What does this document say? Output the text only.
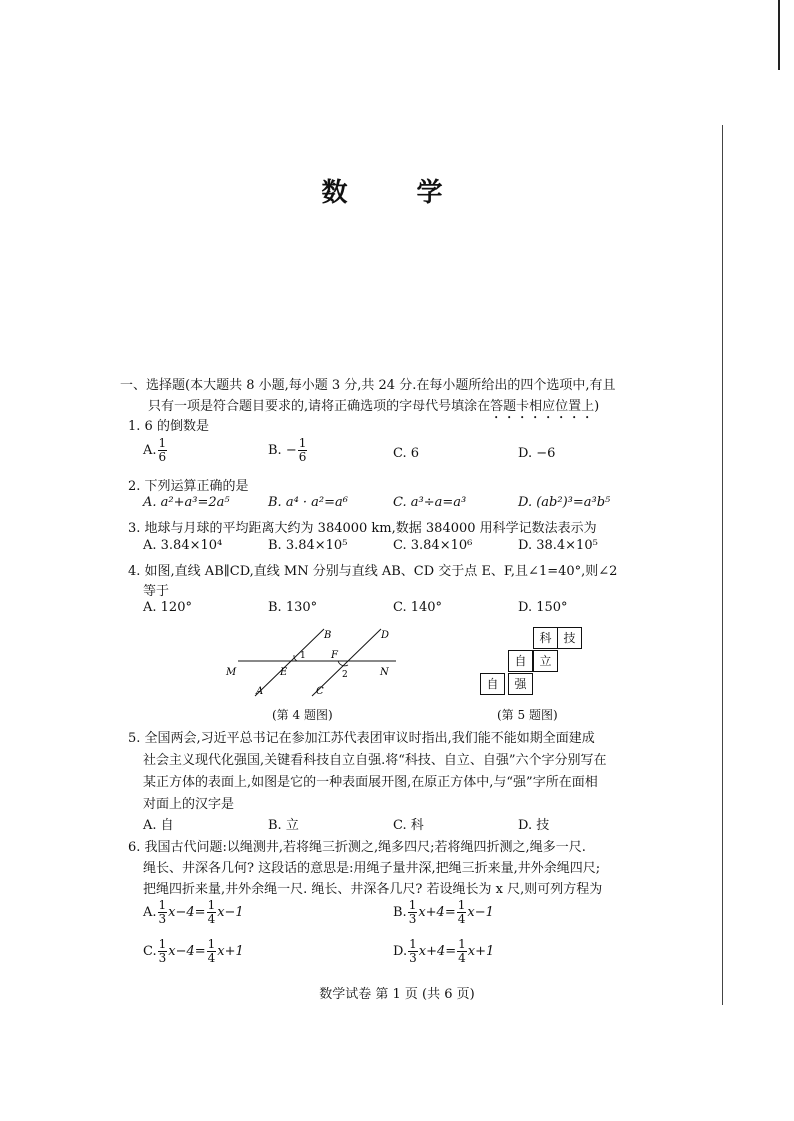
数 学
一、选择题(本大题共 8 小题,每小题 3 分,共 24 分.在每小题所给出的四个选项中,有且
只有一项是符合题目要求的,请将正确选项的字母代号填涂在答题卡相应位置上)
1. 6 的倒数是
A. $\frac{1}{6}$	B. − $\frac{1}{6}$	C. 6	D. −6
2. 下列运算正确的是
A. a²+a³=2a⁵	B. a⁴ · a²=a⁶	C. a³÷a=a³	D. (ab²)³=a³b⁵
3. 地球与月球的平均距离大约为 384000 km,数据 384000 用科学记数法表示为
A. 3.84×10⁴	B. 3.84×10⁵	C. 3.84×10⁶	D. 38.4×10⁵
4. 如图,直线 AB∥CD,直线 MN 分别与直线 AB、CD 交于点 E、F,且∠1=40°,则∠2
等于
A. 120°	B. 130°	C. 140°	D. 150°
M	N
A
B
C
D
E
F
1
2
(第 4 题图)
科 技
自	立
自	强
(第 5 题图)
5. 全国两会,习近平总书记在参加江苏代表团审议时指出,我们能不能如期全面建成
社会主义现代化强国,关键看科技自立自强.将“科技、自立、自强”六个字分别写在
某正方体的表面上,如图是它的一种表面展开图,在原正方体中,与“强”字所在面相
对面上的汉字是
A. 自	B. 立	C. 科	D. 技
6. 我国古代问题:以绳测井,若将绳三折测之,绳多四尺;若将绳四折测之,绳多一尺.
绳长、井深各几何? 这段话的意思是:用绳子量井深,把绳三折来量,井外余绳四尺;
把绳四折来量,井外余绳一尺. 绳长、井深各几尺? 若设绳长为 x 尺,则可列方程为
A. $\frac{1}{3} x-4= \frac{1}{4} x-1$	B. $\frac{1}{3} x+4= \frac{1}{4} x-1$
C. $\frac{1}{3} x-4= \frac{1}{4} x+1$	D. $\frac{1}{3} x+4= \frac{1}{4} x+1$
数学试卷 第 1 页 (共 6 页)
